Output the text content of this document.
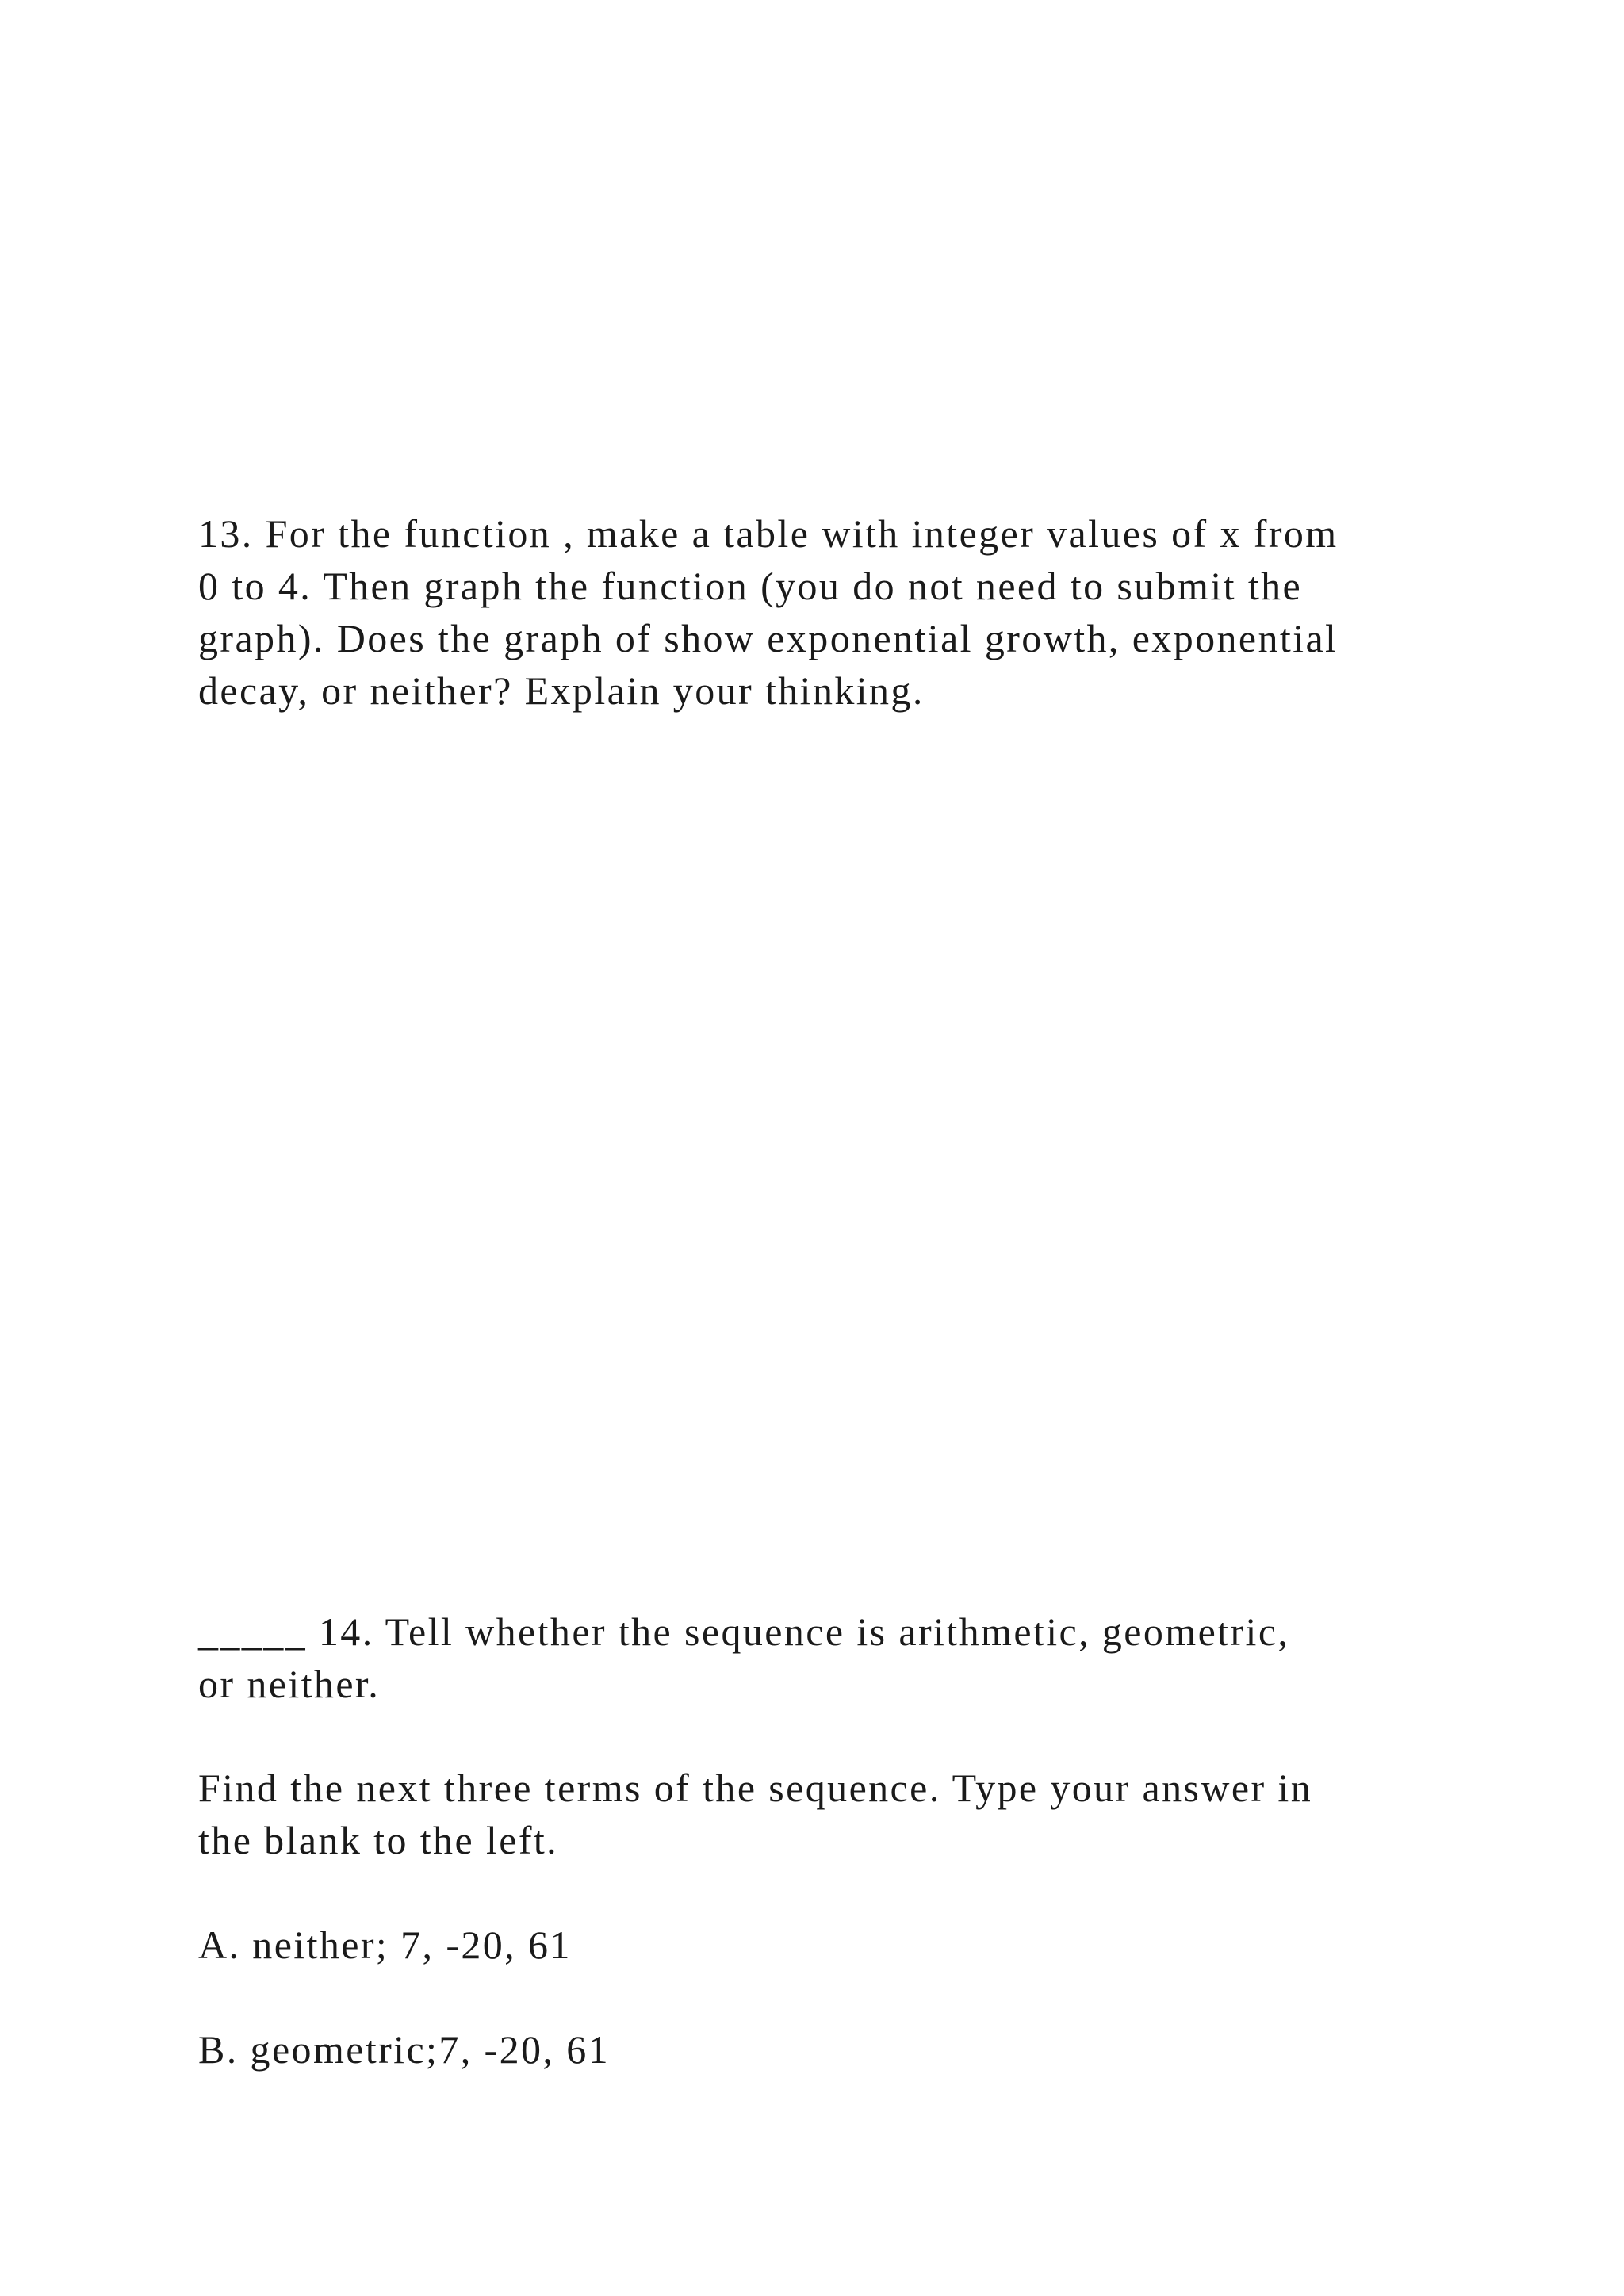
13. For the function , make a table with integer values of x from
0 to 4. Then graph the function (you do not need to submit the
graph). Does the graph of show exponential growth, exponential
decay, or neither? Explain your thinking.

_____ 14. Tell whether the sequence is arithmetic, geometric,
or neither.

Find the next three terms of the sequence. Type your answer in
the blank to the left.

A. neither; 7, -20, 61

B. geometric;7, -20, 61
